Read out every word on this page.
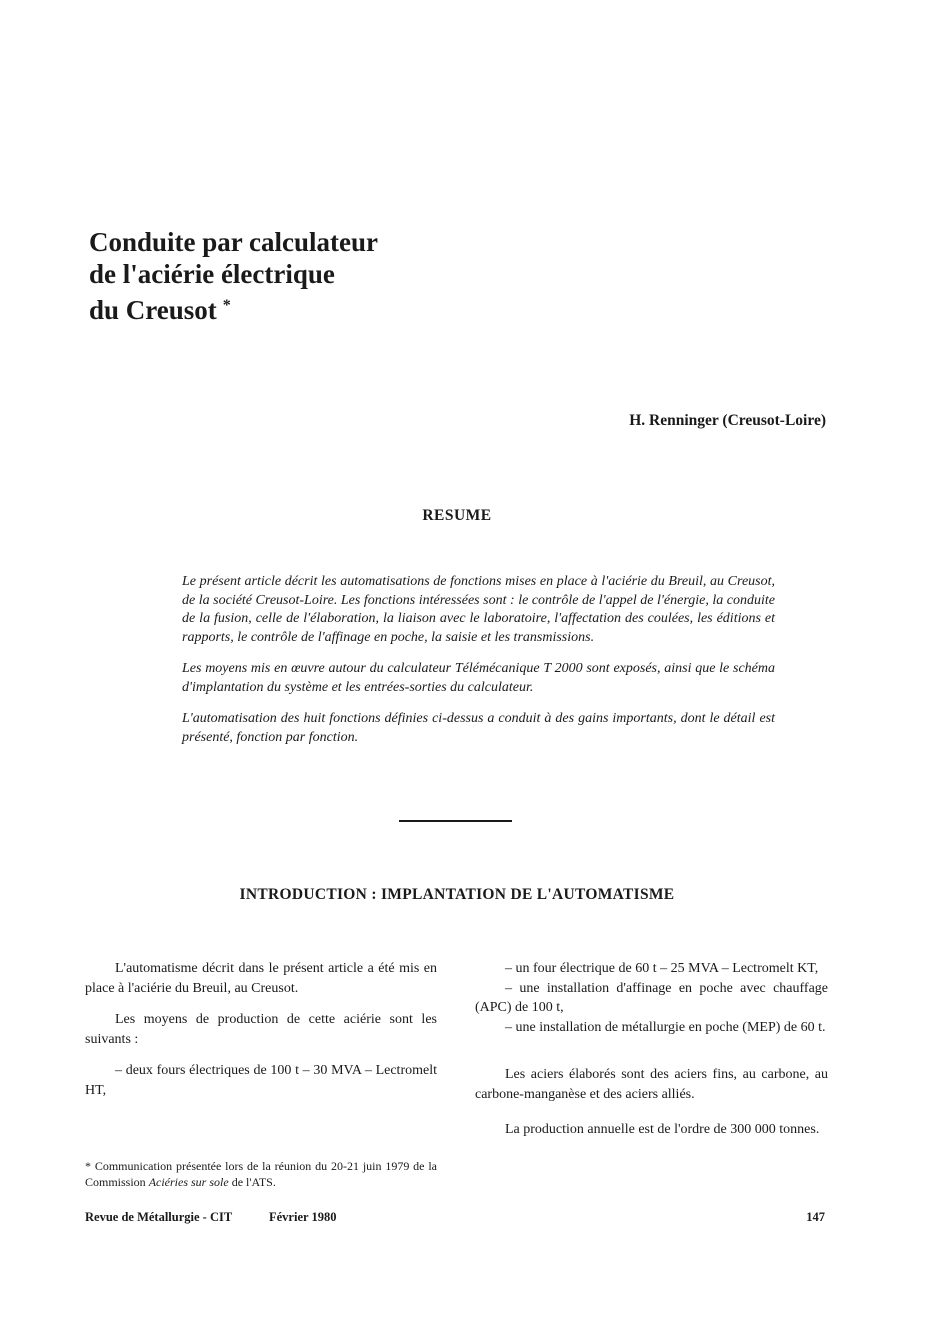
Conduite par calculateur
de l'aciérie électrique
du Creusot *
H. Renninger (Creusot-Loire)
RESUME

Le présent article décrit les automatisations de fonctions mises en place à l'aciérie du Breuil, au Creusot, de la société Creusot-Loire. Les fonctions intéressées sont : le contrôle de l'appel de l'énergie, la conduite de la fusion, celle de l'élaboration, la liaison avec le laboratoire, l'affectation des coulées, les éditions et rapports, le contrôle de l'affinage en poche, la saisie et les transmissions.

Les moyens mis en œuvre autour du calculateur Télémécanique T 2000 sont exposés, ainsi que le schéma d'implantation du système et les entrées-sorties du calculateur.

L'automatisation des huit fonctions définies ci-dessus a conduit à des gains importants, dont le détail est présenté, fonction par fonction.

INTRODUCTION : IMPLANTATION DE L'AUTOMATISME

L'automatisme décrit dans le présent article a été mis en place à l'aciérie du Breuil, au Creusot.

Les moyens de production de cette aciérie sont les suivants :

– deux fours électriques de 100 t – 30 MVA – Lectromelt HT,

– un four électrique de 60 t – 25 MVA – Lectromelt KT,

– une installation d'affinage en poche avec chauffage (APC) de 100 t,

– une installation de métallurgie en poche (MEP) de 60 t.

Les aciers élaborés sont des aciers fins, au carbone, au carbone-manganèse et des aciers alliés.

La production annuelle est de l'ordre de 300 000 tonnes.

* Communication présentée lors de la réunion du 20-21 juin 1979 de la Commission Aciéries sur sole de l'ATS.
Revue de Métallurgie - CIT	Février 1980	147
